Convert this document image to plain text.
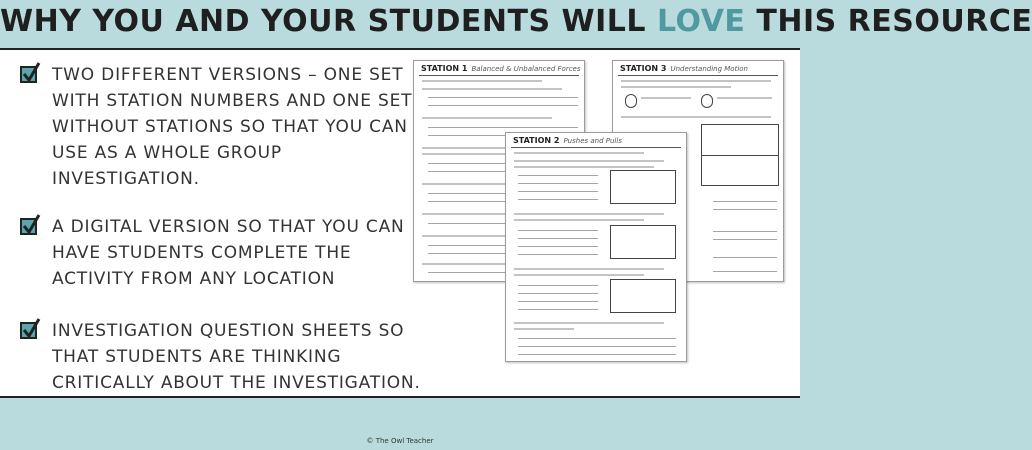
WHY YOU AND YOUR STUDENTS WILL LOVE THIS RESOURCE
TWO DIFFERENT VERSIONS – ONE SET WITH STATION NUMBERS AND ONE SET WITHOUT STATIONS SO THAT YOU CAN USE AS A WHOLE GROUP INVESTIGATION.
A DIGITAL VERSION SO THAT YOU CAN HAVE STUDENTS COMPLETE THE ACTIVITY FROM ANY LOCATION
INVESTIGATION QUESTION SHEETS SO THAT STUDENTS ARE THINKING CRITICALLY ABOUT THE INVESTIGATION.
STATION 1 Balanced & Unbalanced Forces	STATION 3 Understanding Motion
STATION 2 Pushes and Pulls
© The Owl Teacher
